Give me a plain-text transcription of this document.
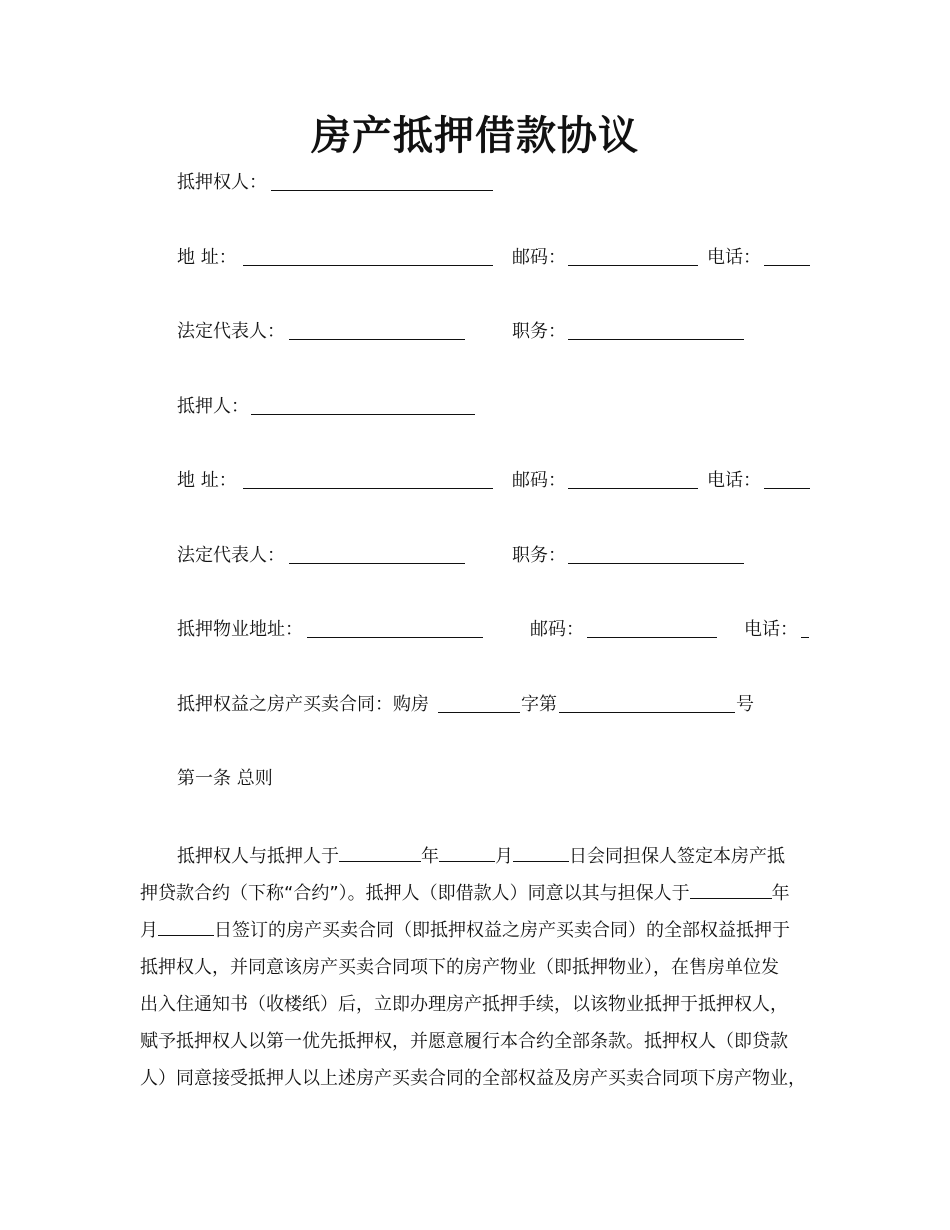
房产抵押借款协议
抵押权人：
地 址：	邮码：	电话：
法定代表人：	职务：
抵押人：
地 址：	邮码：	电话：
法定代表人：	职务：
抵押物业地址：	邮码：	电话：
抵押权益之房产买卖合同：购房	字第	号
第一条 总则
抵押权人与抵押人于	年	月	日会同担保人签定本房产抵
押贷款合约（下称“合约”）。抵押人（即借款人）同意以其与担保人于	年
月	日签订的房产买卖合同（即抵押权益之房产买卖合同）的全部权益抵押于
抵押权人，并同意该房产买卖合同项下的房产物业（即抵押物业），在售房单位发
出入住通知书（收楼纸）后，立即办理房产抵押手续，以该物业抵押于抵押权人，
赋予抵押权人以第一优先抵押权，并愿意履行本合约全部条款。抵押权人（即贷款
人）同意接受抵押人以上述房产买卖合同的全部权益及房产买卖合同项下房产物业，
